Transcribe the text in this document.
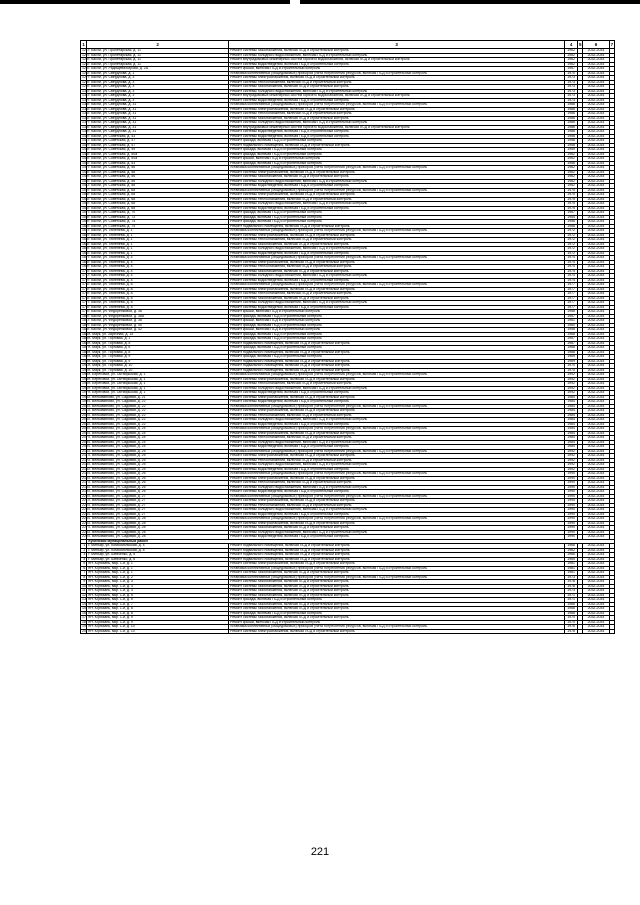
1	2	3	4	5	6	7
121	г. Касли, ул. Пролетарская, д. 11	Ремонт системы газоснабжения, включая ПСД и строительный контроль	1962		2032-2034	
122	г. Касли, ул. Пролетарская, д. 11	Ремонт системы холодного водоснабжения, включая ПСД и строительный контроль	1962		2032-2034	
123	г. Касли, ул. Пролетарская, д. 11	Ремонт внутридомовых инженерных систем горячего водоснабжения, включая ПСД и строительный контроль	1962		2032-2034	
124	г. Касли, ул. Пролетарская, д. 11	Ремонт системы водоотведения, включая ПСД и строительный контроль	1962		2032-2034	
125	г. Касли, ул. Радищева/Кирова, д. 2А	Ремонт крыши, включая ПСД и строительный контроль	1967		2032-2034	
126	г. Касли, ул. Свердлова, д. 1	Установка коллективных (общедомовых) приборов учета потребления ресурсов, включая ПСД и строительный контроль	1970		2032-2034	
127	г. Касли, ул. Свердлова, д. 3	Ремонт системы электроснабжения, включая ПСД и строительный контроль	1973		2032-2034	
128	г. Касли, ул. Свердлова, д. 3	Ремонт системы теплоснабжения, включая ПСД и строительный контроль	1973		2032-2034	
129	г. Касли, ул. Свердлова, д. 3	Ремонт системы газоснабжения, включая ПСД и строительный контроль	1973		2032-2034	
130	г. Касли, ул. Свердлова, д. 3	Ремонт системы холодного водоснабжения, включая ПСД и строительный контроль	1973		2032-2034	
131	г. Касли, ул. Свердлова, д. 3	Ремонт внутридомовых инженерных систем горячего водоснабжения, включая ПСД и строительный контроль	1973		2032-2034	
132	г. Касли, ул. Свердлова, д. 3	Ремонт системы водоотведения, включая ПСД и строительный контроль	1973		2032-2034	
133	г. Касли, ул. Свердлова, д. 31	Установка коллективных (общедомовых) приборов учета потребления ресурсов, включая ПСД и строительный контроль	1986		2032-2034	
134	г. Касли, ул. Свердлова, д. 31	Ремонт системы электроснабжения, включая ПСД и строительный контроль	1986		2032-2034	
135	г. Касли, ул. Свердлова, д. 31	Ремонт системы теплоснабжения, включая ПСД и строительный контроль	1986		2032-2034	
136	г. Касли, ул. Свердлова, д. 31	Ремонт системы газоснабжения, включая ПСД и строительный контроль	1986		2032-2034	
137	г. Касли, ул. Свердлова, д. 31	Ремонт системы холодного водоснабжения, включая ПСД и строительный контроль	1986		2032-2034	
138	г. Касли, ул. Свердлова, д. 31	Ремонт внутридомовых инженерных систем горячего водоснабжения, включая ПСД и строительный контроль	1986		2032-2034	
139	г. Касли, ул. Свердлова, д. 31	Ремонт системы водоотведения, включая ПСД и строительный контроль	1986		2032-2034	
140	г. Касли, ул. Советская, д. 43	Ремонт системы водоотведения, включая ПСД и строительный контроль	1956		2032-2034	
141	г. Касли, ул. Советская, д. 47	Ремонт фасада, включая ПСД и строительный контроль	1958		2032-2034	
142	г. Касли, ул. Советская, д. 47	Ремонт подвального помещения, включая ПСД и строительный контроль	1958		2032-2034	
143	г. Касли, ул. Советская, д. 49	Ремонт фасада, включая ПСД и строительный контроль	1959		2032-2034	
144	г. Касли, ул. Советская, д. 50а	Ремонт фасада, включая ПСД и строительный контроль	1962		2032-2034	
145	г. Касли, ул. Советская, д. 50а	Ремонт крыши, включая ПСД и строительный контроль	1962		2032-2034	
146	г. Касли, ул. Советская, д. 53	Ремонт фасада, включая ПСД и строительный контроль	1956		2032-2034	
147	г. Касли, ул. Советская, д. 56	Установка коллективных (общедомовых) приборов учета потребления ресурсов, включая ПСД и строительный контроль	1962		2032-2034	
148	г. Касли, ул. Советская, д. 56	Ремонт системы электроснабжения, включая ПСД и строительный контроль	1962		2032-2034	
149	г. Касли, ул. Советская, д. 56	Ремонт системы газоснабжения, включая ПСД и строительный контроль	1962		2032-2034	
150	г. Касли, ул. Советская, д. 56	Ремонт системы холодного водоснабжения, включая ПСД и строительный контроль	1962		2032-2034	
151	г. Касли, ул. Советская, д. 56	Ремонт системы водоотведения, включая ПСД и строительный контроль	1962		2032-2034	
152	г. Касли, ул. Советская, д. 68	Установка коллективных (общедомовых) приборов учета потребления ресурсов, включая ПСД и строительный контроль	1975		2032-2034	
153	г. Касли, ул. Советская, д. 68	Ремонт системы электроснабжения, включая ПСД и строительный контроль	1975		2032-2034	
154	г. Касли, ул. Советская, д. 68	Ремонт системы теплоснабжения, включая ПСД и строительный контроль	1975		2032-2034	
155	г. Касли, ул. Советская, д. 68	Ремонт системы холодного водоснабжения, включая ПСД и строительный контроль	1975		2032-2034	
156	г. Касли, ул. Советская, д. 68	Ремонт системы водоотведения, включая ПСД и строительный контроль	1975		2032-2034	
157	г. Касли, ул. Советская, д. 70	Ремонт фасада, включая ПСД и строительный контроль	1957		2032-2034	
158	г. Касли, ул. Советская, д. 72	Ремонт фасада, включая ПСД и строительный контроль	1954		2032-2034	
159	г. Касли, ул. Советская, д. 74	Ремонт фасада, включая ПСД и строительный контроль	1956		2032-2034	
160	г. Касли, ул. Советская, д. 74	Ремонт подвального помещения, включая ПСД и строительный контроль	1956		2032-2034	
161	г. Касли, ул. Тюленева, д. 1	Установка коллективных (общедомовых) приборов учета потребления ресурсов, включая ПСД и строительный контроль	1972		2032-2034	
162	г. Касли, ул. Тюленева, д. 1	Ремонт системы электроснабжения, включая ПСД и строительный контроль	1972		2032-2034	
163	г. Касли, ул. Тюленева, д. 1	Ремонт системы теплоснабжения, включая ПСД и строительный контроль	1972		2032-2034	
164	г. Касли, ул. Тюленева, д. 1	Ремонт системы газоснабжения, включая ПСД и строительный контроль	1972		2032-2034	
165	г. Касли, ул. Тюленева, д. 1	Ремонт системы холодного водоснабжения, включая ПСД и строительный контроль	1972		2032-2034	
166	г. Касли, ул. Тюленева, д. 1	Ремонт системы водоотведения, включая ПСД и строительный контроль	1972		2032-2034	
167	г. Касли, ул. Тюленева, д. 4	Установка коллективных (общедомовых) приборов учета потребления ресурсов, включая ПСД и строительный контроль	1974		2032-2034	
168	г. Касли, ул. Тюленева, д. 4	Ремонт системы электроснабжения, включая ПСД и строительный контроль	1974		2032-2034	
169	г. Касли, ул. Тюленева, д. 4	Ремонт системы теплоснабжения, включая ПСД и строительный контроль	1974		2032-2034	
170	г. Касли, ул. Тюленева, д. 4	Ремонт системы газоснабжения, включая ПСД и строительный контроль	1974		2032-2034	
171	г. Касли, ул. Тюленева, д. 4	Ремонт системы холодного водоснабжения, включая ПСД и строительный контроль	1974		2032-2034	
172	г. Касли, ул. Тюленева, д. 4	Ремонт системы водоотведения, включая ПСД и строительный контроль	1974		2032-2034	
173	г. Касли, ул. Тюленева, д. 8	Установка коллективных (общедомовых) приборов учета потребления ресурсов, включая ПСД и строительный контроль	1977		2032-2034	
174	г. Касли, ул. Тюленева, д. 8	Ремонт системы электроснабжения, включая ПСД и строительный контроль	1977		2032-2034	
175	г. Касли, ул. Тюленева, д. 8	Ремонт системы теплоснабжения, включая ПСД и строительный контроль	1977		2032-2034	
176	г. Касли, ул. Тюленева, д. 8	Ремонт системы газоснабжения, включая ПСД и строительный контроль	1977		2032-2034	
177	г. Касли, ул. Тюленева, д. 8	Ремонт системы холодного водоснабжения, включая ПСД и строительный контроль	1977		2032-2034	
178	г. Касли, ул. Тюленева, д. 8	Ремонт системы водоотведения, включая ПСД и строительный контроль	1977		2032-2034	
179	г. Касли, ул. Федоренковой, д. 36	Ремонт крыши, включая ПСД и строительный контроль	1956		2032-2034	
180	г. Касли, ул. Федоренковой, д. 38А	Ремонт фасада, включая ПСД и строительный контроль	1957		2032-2034	
181	г. Касли, ул. Федоренковой, д. 38	Ремонт крыши, включая ПСД и строительный контроль	1961		2032-2034	
182	г. Касли, ул. Федоренковой, д. 40	Ремонт фасада, включая ПСД и строительный контроль	1960		2032-2034	
183	г. Касли, ул. Федоренковой, д. 42	Ремонт крыши, включая ПСД и строительный контроль	1958		2032-2034	
184	п. Маук, ул. Заречная, д. 14	Ремонт фасада, включая ПСД и строительный контроль	1968		2032-2034	
185	п. Маук, ул. Торговая, д. 1	Ремонт фасада, включая ПСД и строительный контроль	1967		2032-2034	
186	п. Маук, ул. Торговая, д. 5	Ремонт подвального помещения, включая ПСД и строительный контроль	1967		2032-2034	
187	п. Маук, ул. Торговая, д. 6	Ремонт фасада, включая ПСД и строительный контроль	1968		2032-2034	
188	п. Маук, ул. Торговая, д. 8	Ремонт подвального помещения, включая ПСД и строительный контроль	1968		2032-2034	
189	п. Маук, ул. Торговая, д. 9	Ремонт фасада, включая ПСД и строительный контроль	1969		2032-2034	
190	п. Маук, ул. Торговая, д. 9	Ремонт подвального помещения, включая ПСД и строительный контроль	1969		2032-2034	
191	п. Маук, ул. Торговая, д. 10	Ремонт подвального помещения, включая ПСД и строительный контроль	1970		2032-2034	
192	п. Маук, ул. Торговая, д. 10	Ремонт подвального помещения, включая ПСД и строительный контроль	1970		2032-2034	
193	п. Береговой, ул. Октябрьская, д. 1	Установка коллективных (общедомовых) приборов учета потребления ресурсов, включая ПСД и строительный контроль	1992		2032-2034	
194	п. Береговой, ул. Октябрьская, д. 1	Ремонт системы электроснабжения, включая ПСД и строительный контроль	1992		2032-2034	
195	п. Береговой, ул. Октябрьская, д. 1	Ремонт системы теплоснабжения, включая ПСД и строительный контроль	1992		2032-2034	
196	п. Береговой, ул. Октябрьская, д. 1	Ремонт системы холодного водоснабжения, включая ПСД и строительный контроль	1992		2032-2034	
197	п. Береговой, ул. Октябрьская, д. 1	Ремонт системы водоотведения, включая ПСД и строительный контроль	1992		2032-2034	
198	с. Вельяминово, ул. Садовая, д. 21	Ремонт системы электроснабжения, включая ПСД и строительный контроль	1984		2032-2034	
199	с. Вельяминово, ул. Садовая, д. 22	Ремонт системы водоотведения, включая ПСД и строительный контроль	1984		2032-2034	
200	с. Вельяминово, ул. Садовая, д. 22	Установка коллективных (общедомовых) приборов учета потребления ресурсов, включая ПСД и строительный контроль	1984		2032-2034	
201	с. Вельяминово, ул. Садовая, д. 22	Ремонт системы электроснабжения, включая ПСД и строительный контроль	1984		2032-2034	
202	с. Вельяминово, ул. Садовая, д. 22	Ремонт системы теплоснабжения, включая ПСД и строительный контроль	1984		2032-2034	
203	с. Вельяминово, ул. Садовая, д. 22	Ремонт системы холодного водоснабжения, включая ПСД и строительный контроль	1984		2032-2034	
204	с. Вельяминово, ул. Садовая, д. 22	Ремонт системы водоотведения, включая ПСД и строительный контроль	1984		2032-2034	
205	с. Вельяминово, ул. Садовая, д. 24	Установка коллективных (общедомовых) приборов учета потребления ресурсов, включая ПСД и строительный контроль	1984		2032-2034	
206	с. Вельяминово, ул. Садовая, д. 24	Ремонт системы электроснабжения, включая ПСД и строительный контроль	1984		2032-2034	
207	с. Вельяминово, ул. Садовая, д. 24	Ремонт системы теплоснабжения, включая ПСД и строительный контроль	1984		2032-2034	
208	с. Вельяминово, ул. Садовая, д. 24	Ремонт системы холодного водоснабжения, включая ПСД и строительный контроль	1984		2032-2034	
209	с. Вельяминово, ул. Садовая, д. 24	Ремонт системы водоотведения, включая ПСД и строительный контроль	1984		2032-2034	
210	с. Вельяминово, ул. Садовая, д. 25	Установка коллективных (общедомовых) приборов учета потребления ресурсов, включая ПСД и строительный контроль	1992		2032-2034	
211	с. Вельяминово, ул. Садовая, д. 25	Ремонт системы электроснабжения, включая ПСД и строительный контроль	1992		2032-2034	
212	с. Вельяминово, ул. Садовая, д. 25	Ремонт системы теплоснабжения, включая ПСД и строительный контроль	1992		2032-2034	
213	с. Вельяминово, ул. Садовая, д. 25	Ремонт системы холодного водоснабжения, включая ПСД и строительный контроль	1992		2032-2034	
214	с. Вельяминово, ул. Садовая, д. 25	Ремонт системы водоотведения, включая ПСД и строительный контроль	1992		2032-2034	
215	с. Вельяминово, ул. Садовая, д. 26	Установка коллективных (общедомовых) приборов учета потребления ресурсов, включая ПСД и строительный контроль	1990		2032-2034	
216	с. Вельяминово, ул. Садовая, д. 26	Ремонт системы электроснабжения, включая ПСД и строительный контроль	1990		2032-2034	
217	с. Вельяминово, ул. Садовая, д. 26	Ремонт системы теплоснабжения, включая ПСД и строительный контроль	1990		2032-2034	
218	с. Вельяминово, ул. Садовая, д. 26	Ремонт системы холодного водоснабжения, включая ПСД и строительный контроль	1990		2032-2034	
219	с. Вельяминово, ул. Садовая, д. 26	Ремонт системы водоотведения, включая ПСД и строительный контроль	1990		2032-2034	
220	с. Вельяминово, ул. Садовая, д. 27	Установка коллективных (общедомовых) приборов учета потребления ресурсов, включая ПСД и строительный контроль	1990		2032-2034	
221	с. Вельяминово, ул. Садовая, д. 27	Ремонт системы электроснабжения, включая ПСД и строительный контроль	1990		2032-2034	
222	с. Вельяминово, ул. Садовая, д. 27	Ремонт системы теплоснабжения, включая ПСД и строительный контроль	1990		2032-2034	
223	с. Вельяминово, ул. Садовая, д. 27	Ремонт системы холодного водоснабжения, включая ПСД и строительный контроль	1990		2032-2034	
224	с. Вельяминово, ул. Садовая, д. 27	Ремонт системы водоотведения, включая ПСД и строительный контроль	1990		2032-2034	
225	с. Вельяминово, ул. Садовая, д. 28	Установка коллективных (общедомовых) приборов учета потребления ресурсов, включая ПСД и строительный контроль	1990		2032-2034	
226	с. Вельяминово, ул. Садовая, д. 28	Ремонт системы электроснабжения, включая ПСД и строительный контроль	1990		2032-2034	
227	с. Вельяминово, ул. Садовая, д. 28	Ремонт системы газоснабжения, включая ПСД и строительный контроль	1990		2032-2034	
228	с. Вельяминово, ул. Садовая, д. 28	Ремонт системы холодного водоснабжения, включая ПСД и строительный контроль	1990		2032-2034	
229	с. Вельяминово, ул. Садовая, д. 28	Ремонт системы водоотведения, включая ПСД и строительный контроль	1990		2032-2034	
	Кусинский муниципальный район					
1	г. Миньяр, ул. Комсомольская, д. 4	Ремонт подвального помещения, включая ПСД и строительный контроль	1966		2032-2034	
2	г. Миньяр, ул. Комсомольская, д. 8	Ремонт подвального помещения, включая ПСД и строительный контроль	1962		2032-2034	
3	г. Миньяр, ул. Шевченко, д. 5	Ремонт подвального помещения, включая ПСД и строительный контроль	1966		2032-2034	
4	г. Миньяр, ул. Шевченко, д. 6	Ремонт подвального помещения, включая ПСД и строительный контроль	1965		2032-2034	
5	пгт. Юрюзань, мкр. 1-й, д. 1	Ремонт системы электроснабжения, включая ПСД и строительный контроль	1981		2032-2034	
6	пгт. Юрюзань, мкр. 1-й, д. 1	Установка коллективных (общедомовых) приборов учета потребления ресурсов, включая ПСД и строительный контроль	1981		2032-2034	
7	пгт. Юрюзань, мкр. 1-й, д. 1	Ремонт системы газоснабжения, включая ПСД и строительный контроль	1981		2032-2034	
8	пгт. Юрюзань, мкр. 1-й, д. 2	Установка коллективных (общедомовых) приборов учета потребления ресурсов, включая ПСД и строительный контроль	1973		2032-2034	
9	пгт. Юрюзань, мкр. 1-й, д. 3	Ремонт системы газоснабжения, включая ПСД и строительный контроль	1978		2032-2034	
10	пгт. Юрюзань, мкр. 1-й, д. 3	Ремонт системы газоснабжения, включая ПСД и строительный контроль	1978		2032-2034	
11	пгт. Юрюзань, мкр. 1-й, д. 4	Ремонт системы газоснабжения, включая ПСД и строительный контроль	1973		2032-2034	
12	пгт. Юрюзань, мкр. 1-й, д. 5	Ремонт системы газоснабжения, включая ПСД и строительный контроль	1971		2032-2034	
13	пгт. Юрюзань, мкр. 1-й, д. 5	Ремонт фасада, включая ПСД и строительный контроль	1971		2032-2034	
14	пгт. Юрюзань, мкр. 1-й, д. 7	Ремонт системы газоснабжения, включая ПСД и строительный контроль	1966		2032-2034	
15	пгт. Юрюзань, мкр. 1-й, д. 8	Ремонт системы газоснабжения, включая ПСД и строительный контроль	1968		2032-2034	
16	пгт. Юрюзань, мкр. 1-й, д. 8	Ремонт фасада, включая ПСД и строительный контроль	1968		2032-2034	
17	пгт. Юрюзань, мкр. 1-й, д. 9	Ремонт системы газоснабжения, включая ПСД и строительный контроль	1970		2032-2034	
18	пгт. Юрюзань, мкр. 1-й, д. 9	Ремонт крыши, включая ПСД и строительный контроль	1970		2032-2034	
19	пгт. Юрюзань, мкр. 1-й, д. 10	Установка коллективных (общедомовых) приборов учета потребления ресурсов, включая ПСД и строительный контроль	1976		2032-2034	
20	пгт. Юрюзань, мкр. 1-й, д. 10	Ремонт системы электроснабжения, включая ПСД и строительный контроль	1976		2032-2034	
221
